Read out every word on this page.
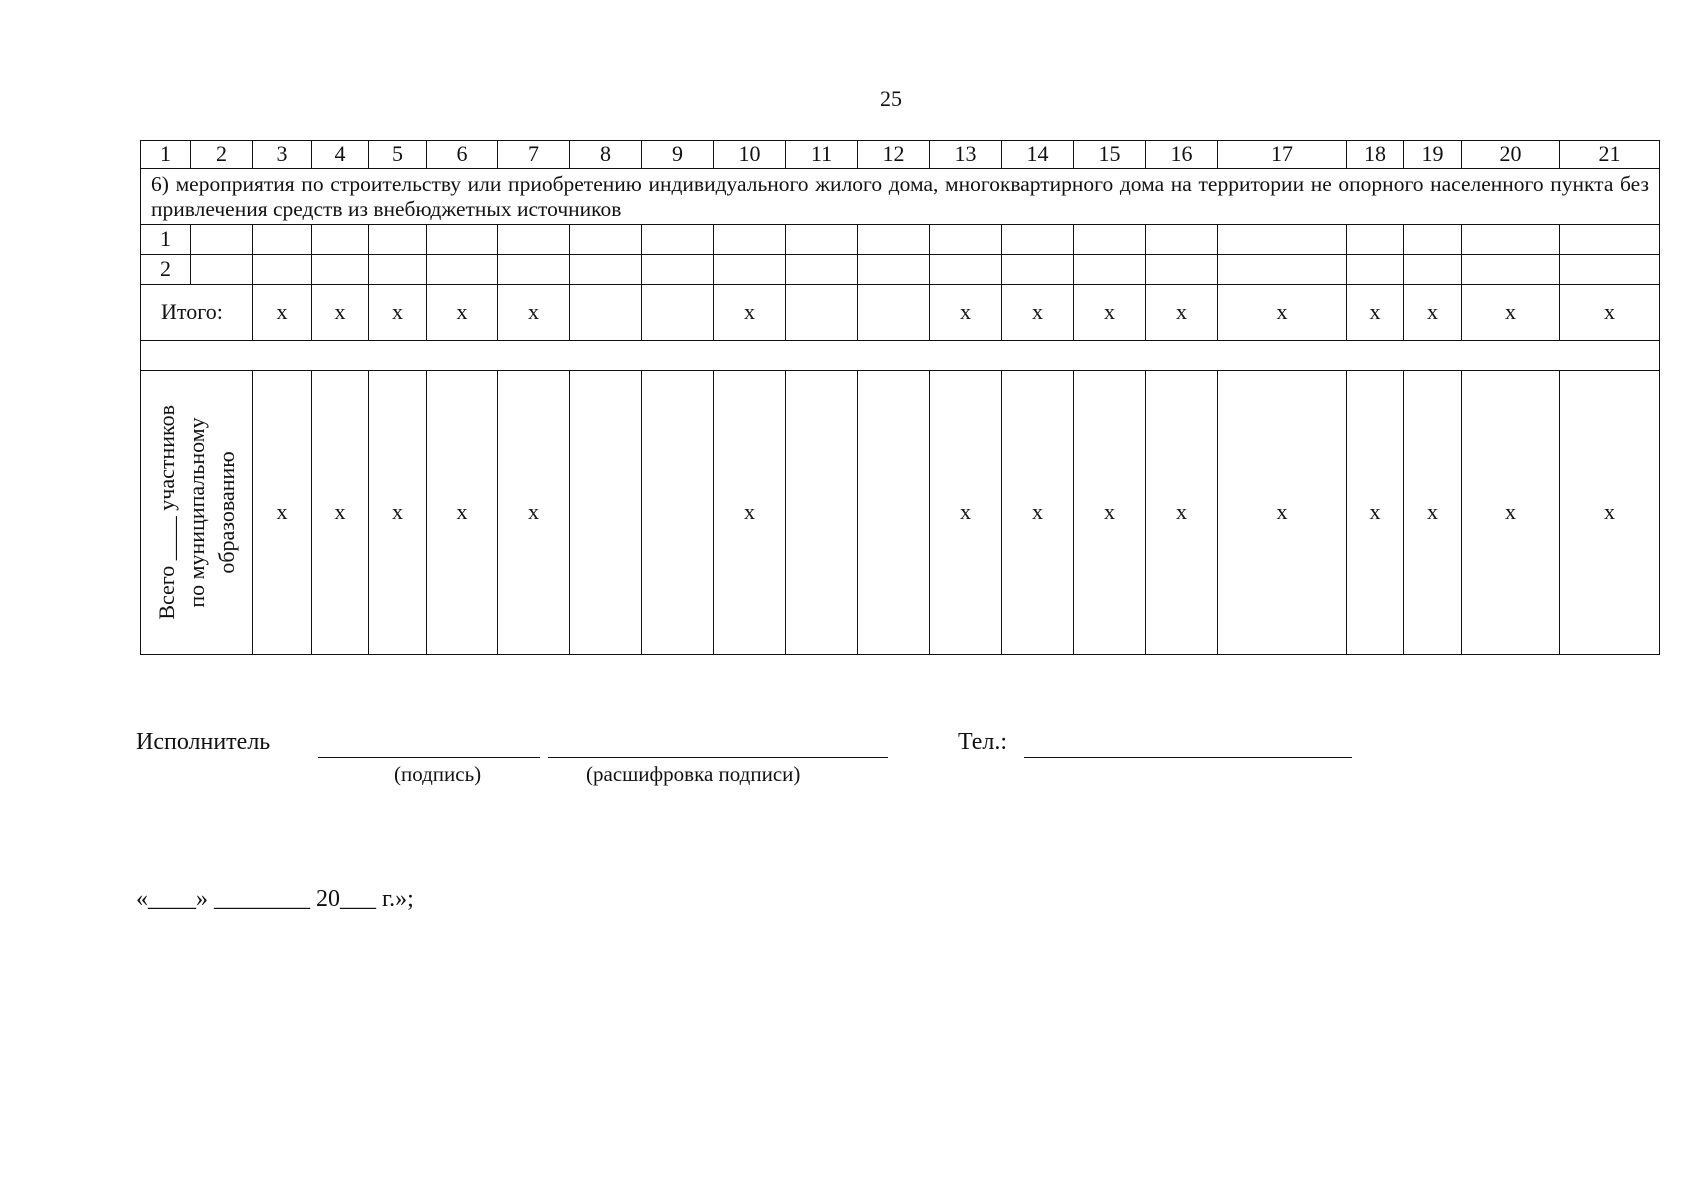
25
1	2	3	4	5	6	7	8	9	10	11	12	13	14	15	16	17	18	19	20	21
6) мероприятия по строительству или приобретению индивидуального жилого дома, многоквартирного дома на территории не опорного населенного пункта без привлечения средств из внебюджетных источников																				
1																				
2																				
Итого:		x	x	x	x	x			x			x	x	x	x	x	x	x	x	x

Всего ____ участников по муниципальному образованию		x	x	x	x	x			x			x	x	x	x	x	x	x	x	x
Исполнитель
(подпись)	(расшифровка подписи)
Тел.:
«____» ________ 20___ г.»;
